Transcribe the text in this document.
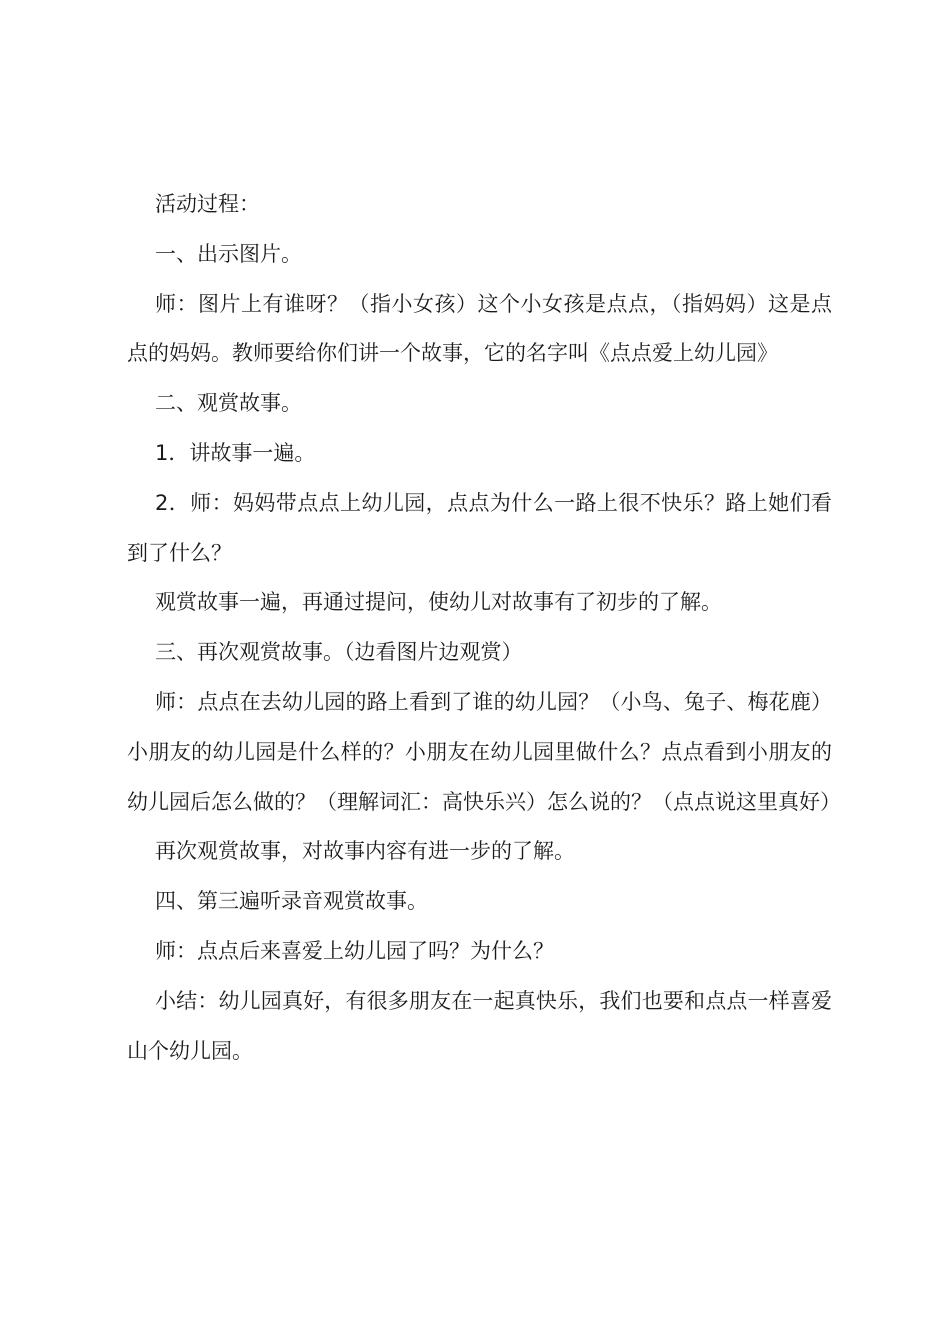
活动过程：

一、出示图片。

师：图片上有谁呀？（指小女孩）这个小女孩是点点，（指妈妈）这是点点的妈妈。教师要给你们讲一个故事，它的名字叫《点点爱上幼儿园》

二、观赏故事。

1．讲故事一遍。

2．师：妈妈带点点上幼儿园，点点为什么一路上很不快乐？路上她们看到了什么？

观赏故事一遍，再通过提问，使幼儿对故事有了初步的了解。

三、再次观赏故事。（边看图片边观赏）

师：点点在去幼儿园的路上看到了谁的幼儿园？（小鸟、兔子、梅花鹿）小朋友的幼儿园是什么样的？小朋友在幼儿园里做什么？点点看到小朋友的幼儿园后怎么做的？（理解词汇：高快乐兴）怎么说的？（点点说这里真好）

再次观赏故事，对故事内容有进一步的了解。

四、第三遍听录音观赏故事。

师：点点后来喜爱上幼儿园了吗？为什么？

小结：幼儿园真好，有很多朋友在一起真快乐，我们也要和点点一样喜爱山个幼儿园。
